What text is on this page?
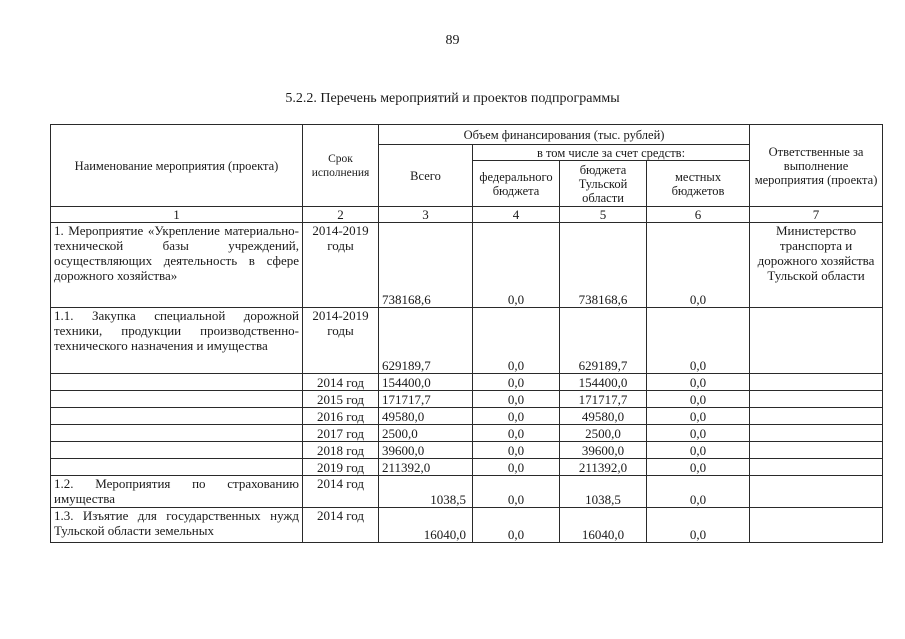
89
5.2.2. Перечень мероприятий и проектов подпрограммы
Наименование мероприятия (проекта)	Срок исполнения	Объем финансирования (тыс. рублей)				Ответственные за выполнение мероприятия (проекта)
		Всего	в том числе за счет средств:			
			федерального бюджета	бюджета Тульской области	местных бюджетов	
1	2	3	4	5	6	7
1. Мероприятие «Укрепление материально-технической базы учреждений, осуществляющих деятельность в сфере дорожного хозяйства»	2014-2019 годы	738168,6	0,0	738168,6	0,0	Министерство транспорта и дорожного хозяйства Тульской области
1.1. Закупка специальной дорожной техники, продукции производственно-технического назначения и имущества	2014-2019 годы	629189,7	0,0	629189,7	0,0	
	2014 год	154400,0	0,0	154400,0	0,0	
	2015 год	171717,7	0,0	171717,7	0,0	
	2016 год	49580,0	0,0	49580,0	0,0	
	2017 год	2500,0	0,0	2500,0	0,0	
	2018 год	39600,0	0,0	39600,0	0,0	
	2019 год	211392,0	0,0	211392,0	0,0	
1.2. Мероприятия по страхованию имущества	2014 год	1038,5	0,0	1038,5	0,0	
1.3. Изъятие для государственных нужд Тульской области земельных	2014 год	16040,0	0,0	16040,0	0,0	
